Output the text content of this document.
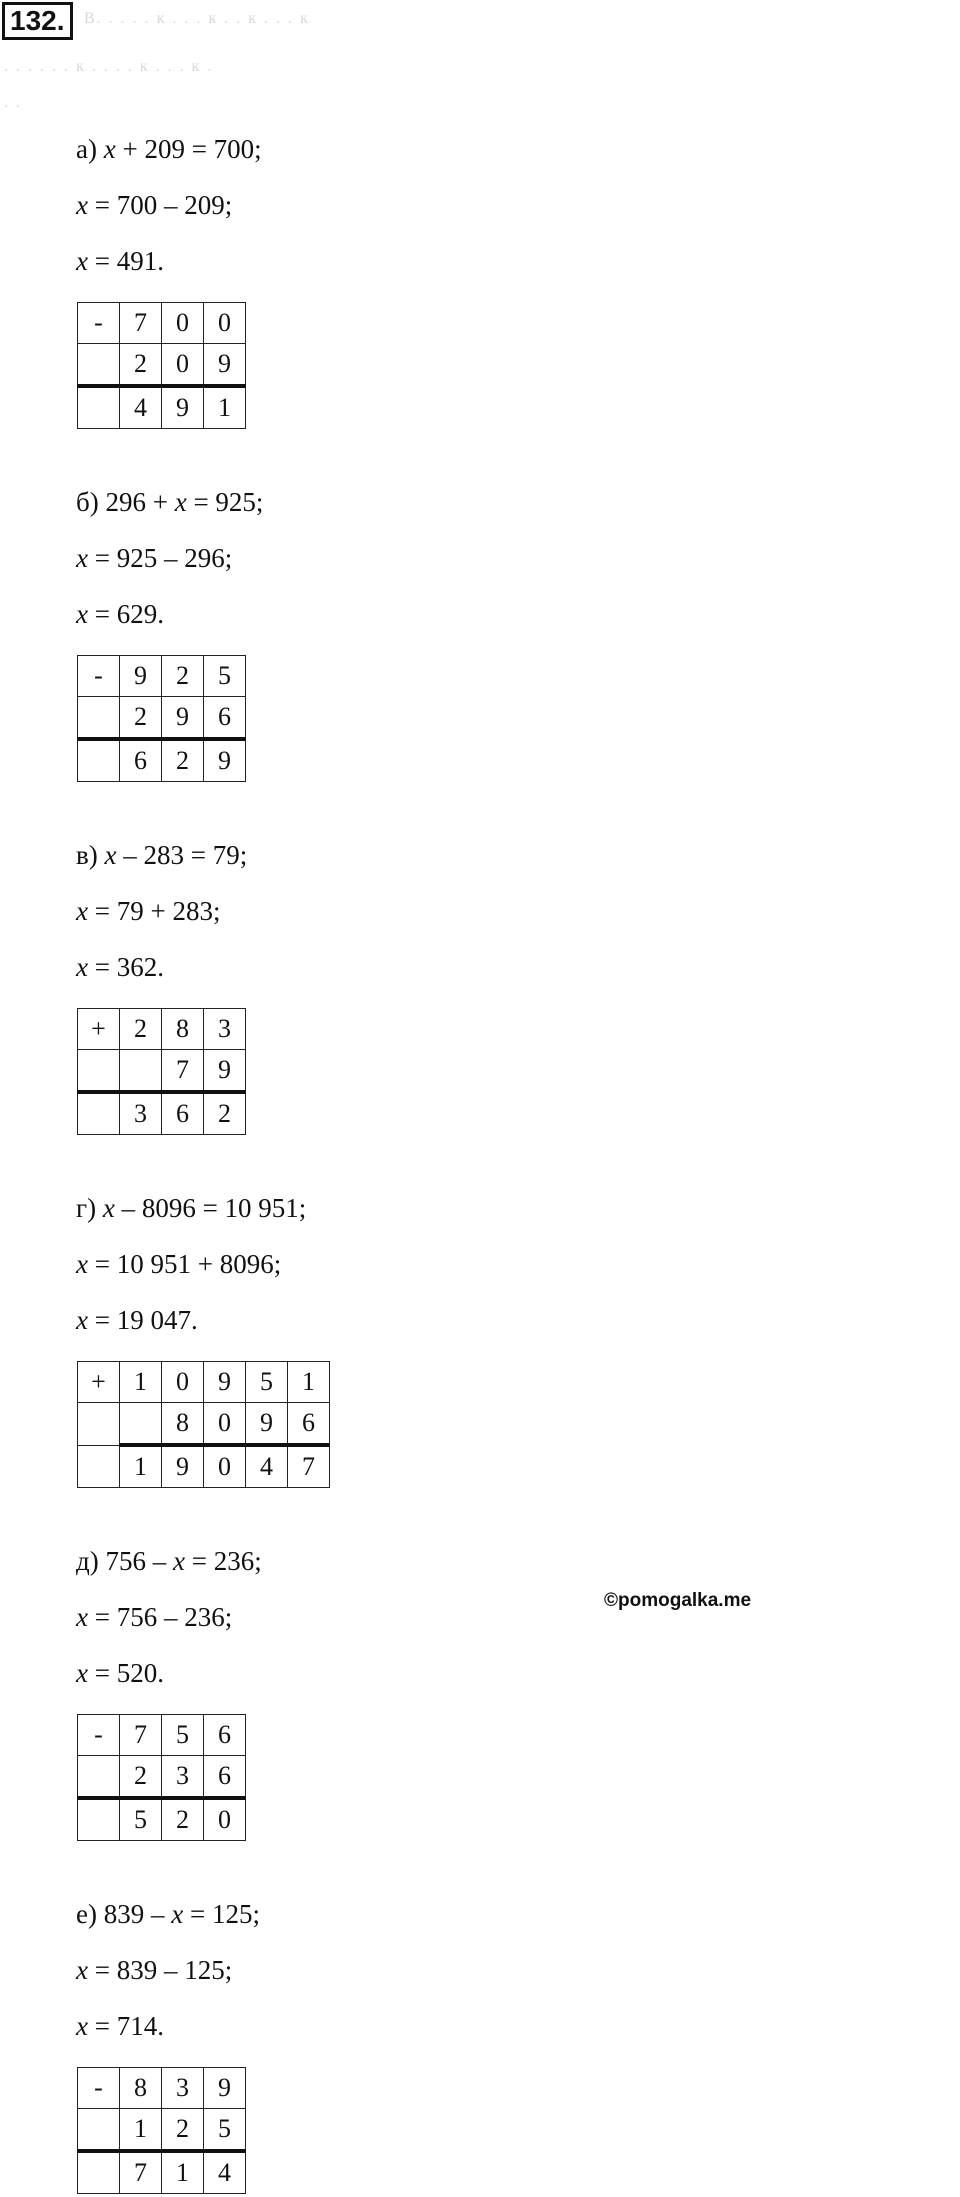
132.	В. . . . . к . . . к . . к . . . к
. . . . . . к . . . . к . . . к .
. .
©pomogalka.me
а) x + 209 = 700;
x = 700 – 209;
x = 491.
-	7	0	0
	2	0	9
	4	9	1
б) 296 + x = 925;
x = 925 – 296;
x = 629.
-	9	2	5
	2	9	6
	6	2	9
в) x – 283 = 79;
x = 79 + 283;
x = 362.
+	2	8	3
		7	9
	3	6	2
г) x – 8096 = 10 951;
x = 10 951 + 8096;
x = 19 047.
+	1	0	9	5	1
		8	0	9	6
	1	9	0	4	7
д) 756 – x = 236;
x = 756 – 236;
x = 520.
-	7	5	6
	2	3	6
	5	2	0
е) 839 – x = 125;
x = 839 – 125;
x = 714.
-	8	3	9
	1	2	5
	7	1	4
